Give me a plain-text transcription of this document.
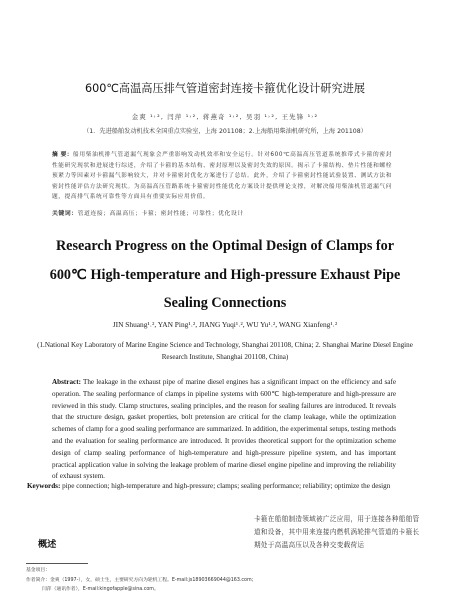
600℃高温高压排气管道密封连接卡箍优化设计研究进展
金爽 ¹˒², 闫萍 ¹˒², 蒋燕奇 ¹˒², 吴羽 ¹˒², 王先锋 ¹˒²
（1．先进船舶发动机技术全国重点实验室，上海 201108；2.上海船用柴油机研究所，上海 201108）
摘 要：船用柴油机排气管道漏气现象会严重影响发动机效率和安全运行。针对600℃高温高压管道系统推带式卡箍的密封性能研究现状和进展进行综述，介绍了卡箍的基本结构、密封原理以及密封失效的原因。揭示了卡箍结构、垫片性能和螺栓预紧力等因素对卡箍漏气影响较大，并对卡箍密封优化方案进行了总结。此外，介绍了卡箍密封性能试验装置、测试方法和密封性能评估方法研究现状。为高温高压管路系统卡箍密封性能优化方案设计提供理论支撑，对解决船用柴油机管道漏气问题，提高排气系统可靠性等方面具有重要实际应用价值。
关键词：管道连接；高温高压；卡箍；密封性能；可靠性；优化设计
Research Progress on the Optimal Design of Clamps for
600℃ High-temperature and High-pressure Exhaust Pipe
Sealing Connections
JIN Shuang¹˒², YAN Ping¹˒², JIANG Yuqi¹˒², WU Yu¹˒², WANG Xianfeng¹˒²
(1.National Key Laboratory of Marine Engine Science and Technology, Shanghai 201108, China; 2. Shanghai Marine Diesel Engine Research Institute, Shanghai 201108, China)
Abstract: The leakage in the exhaust pipe of marine diesel engines has a significant impact on the efficiency and safe operation. The sealing performance of clamps in pipeline systems with 600℃ high-temperature and high-pressure are reviewed in this study. Clamp structures, sealing principles, and the reason for sealing failures are introduced. It reveals that the structure design, gasket properties, bolt pretension are critical for the clamp leakage, while the optimization schemes of clamp for a good sealing performance are summarized. In addition, the experimental setups, testing methods and the evaluation for sealing performance are introduced. It provides theoretical support for the optimization scheme design of clamp sealing performance of high-temperature and high-pressure pipeline system, and has important practical application value in solving the leakage problem of marine diesel engine pipeline and improving the reliability of exhaust system.
Keywords: pipe connection; high-temperature and high-pressure; clamps; sealing performance; reliability; optimize the design
概述
卡箍在船舶制造领域被广泛应用，用于连接各种船舶管道和设备，其中用来连接内燃机涡轮排气管道的卡箍长期处于高温高压以及各种交变载荷运
基金项目：
作者简介：金爽（1997-），女，硕士生，主要研究方向为轮机工程。E-mail:js18903669044@163.com;
闫萍（通讯作者），E-mail:kingofapple@sina.com。
